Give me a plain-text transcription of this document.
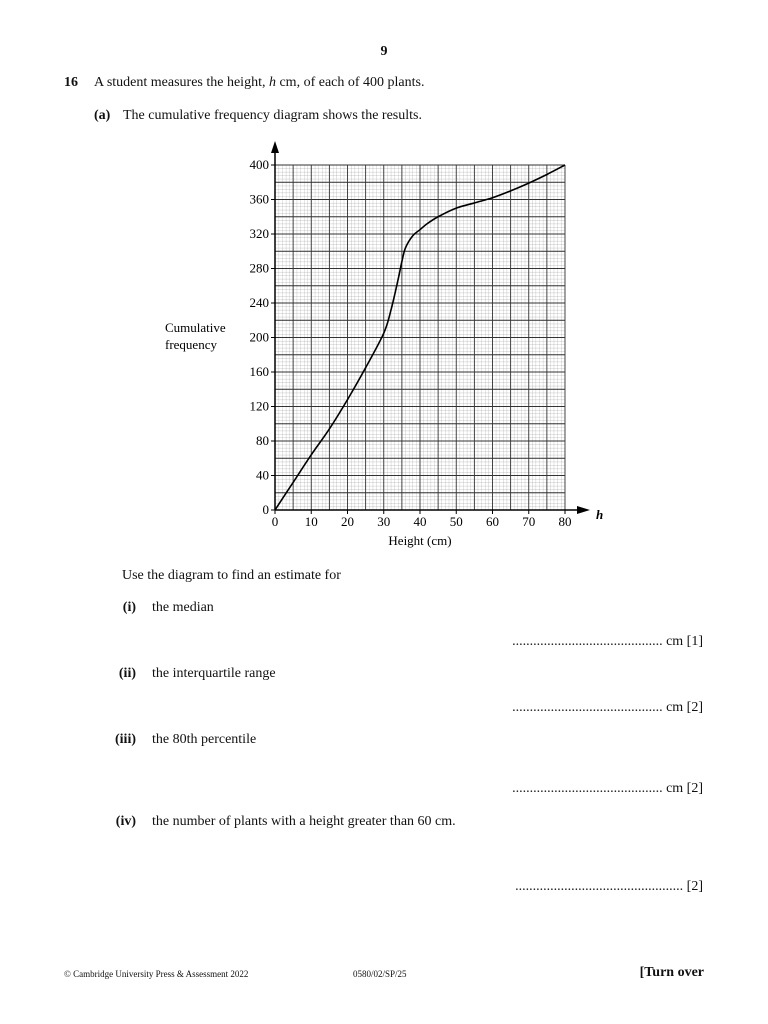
9
16 A student measures the height, h cm, of each of 400 plants.
(a) The cumulative frequency diagram shows the results.
0 10 20 30 40 50 60 70 80
0
40
80
120
160
200
240
280
320
360
400
Cumulative
frequency
Height (cm)
h
Use the diagram to find an estimate for
(i) the median
........................................... cm [1]
(ii) the interquartile range
........................................... cm [2]
(iii) the 80th percentile
........................................... cm [2]
(iv) the number of plants with a height greater than 60 cm.
................................................ [2]
© Cambridge University Press & Assessment 2022	0580/02/SP/25	[Turn over
